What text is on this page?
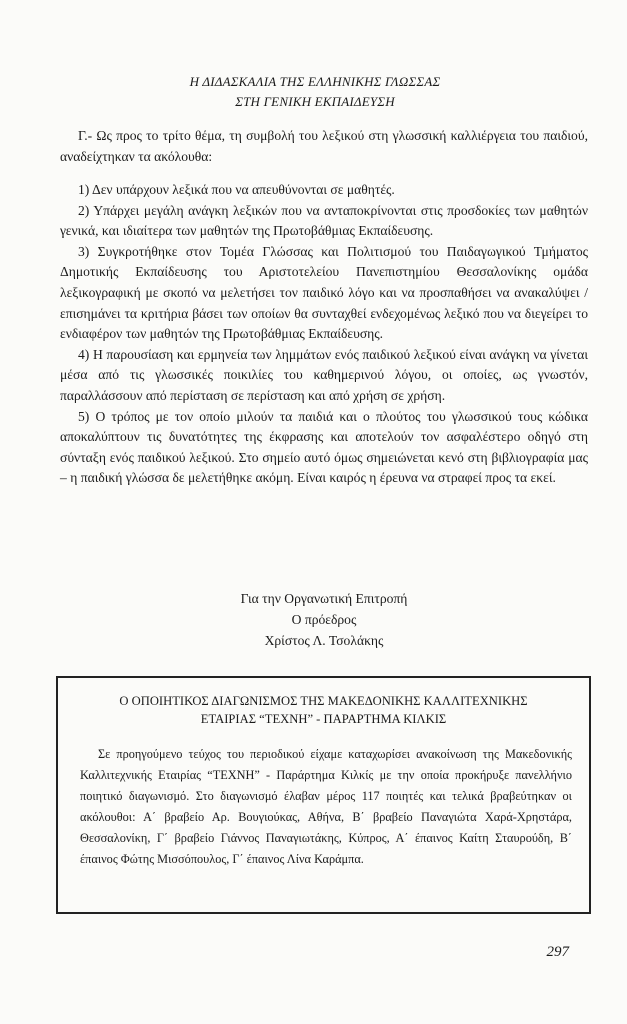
Η ΔΙΔΑΣΚΑΛΙΑ ΤΗΣ ΕΛΛΗΝΙΚΗΣ ΓΛΩΣΣΑΣ
ΣΤΗ ΓΕΝΙΚΗ ΕΚΠΑΙΔΕΥΣΗ
Γ.- Ως προς το τρίτο θέμα, τη συμβολή του λεξικού στη γλωσσική καλλιέργεια του παιδιού, αναδείχτηκαν τα ακόλουθα:

1) Δεν υπάρχουν λεξικά που να απευθύνονται σε μαθητές.

2) Υπάρχει μεγάλη ανάγκη λεξικών που να ανταποκρίνονται στις προσδοκίες των μαθητών γενικά, και ιδιαίτερα των μαθητών της Πρωτοβάθμιας Εκπαίδευσης.

3) Συγκροτήθηκε στον Τομέα Γλώσσας και Πολιτισμού του Παιδαγωγικού Τμήματος Δημοτικής Εκπαίδευσης του Αριστοτελείου Πανεπιστημίου Θεσσαλονίκης ομάδα λεξικογραφική με σκοπό να μελετήσει τον παιδικό λόγο και να προσπαθήσει να ανακαλύψει / επισημάνει τα κριτήρια βάσει των οποίων θα συνταχθεί ενδεχομένως λεξικό που να διεγείρει το ενδιαφέρον των μαθητών της Πρωτοβάθμιας Εκπαίδευσης.

4) Η παρουσίαση και ερμηνεία των λημμάτων ενός παιδικού λεξικού είναι ανάγκη να γίνεται μέσα από τις γλωσσικές ποικιλίες του καθημερινού λόγου, οι οποίες, ως γνωστόν, παραλλάσσουν από περίσταση σε περίσταση και από χρήση σε χρήση.

5) Ο τρόπος με τον οποίο μιλούν τα παιδιά και ο πλούτος του γλωσσικού τους κώδικα αποκαλύπτουν τις δυνατότητες της έκφρασης και αποτελούν τον ασφαλέστερο οδηγό στη σύνταξη ενός παιδικού λεξικού. Στο σημείο αυτό όμως σημειώνεται κενό στη βιβλιογραφία μας – η παιδική γλώσσα δε μελετήθηκε ακόμη. Είναι καιρός η έρευνα να στραφεί προς τα εκεί.

Για την Οργανωτική Επιτροπή
Ο πρόεδρος
Χρίστος Λ. Τσολάκης
Ο ΟΠΟΙΗΤΙΚΟΣ ΔΙΑΓΩΝΙΣΜΟΣ ΤΗΣ ΜΑΚΕΔΟΝΙΚΗΣ ΚΑΛΛΙΤΕΧΝΙΚΗΣ
ΕΤΑΙΡΙΑΣ “ΤΕΧΝΗ” - ΠΑΡΑΡΤΗΜΑ ΚΙΛΚΙΣ
Σε προηγούμενο τεύχος του περιοδικού είχαμε καταχωρίσει ανακοίνωση της Μακεδονικής Καλλιτεχνικής Εταιρίας “ΤΕΧΝΗ” - Παράρτημα Κιλκίς με την οποία προκήρυξε πανελλήνιο ποιητικό διαγωνισμό. Στο διαγωνισμό έλαβαν μέρος 117 ποιητές και τελικά βραβεύτηκαν οι ακόλουθοι: Α΄ βραβείο Αρ. Βουγιούκας, Αθήνα, Β΄ βραβείο Παναγιώτα Χαρά-Χρηστάρα, Θεσσαλονίκη, Γ΄ βραβείο Γιάννος Παναγιωτάκης, Κύπρος, Α΄ έπαινος Καίτη Σταυρούδη, Β΄ έπαινος Φώτης Μισσόπουλος, Γ΄ έπαινος Λίνα Καράμπα.
297
